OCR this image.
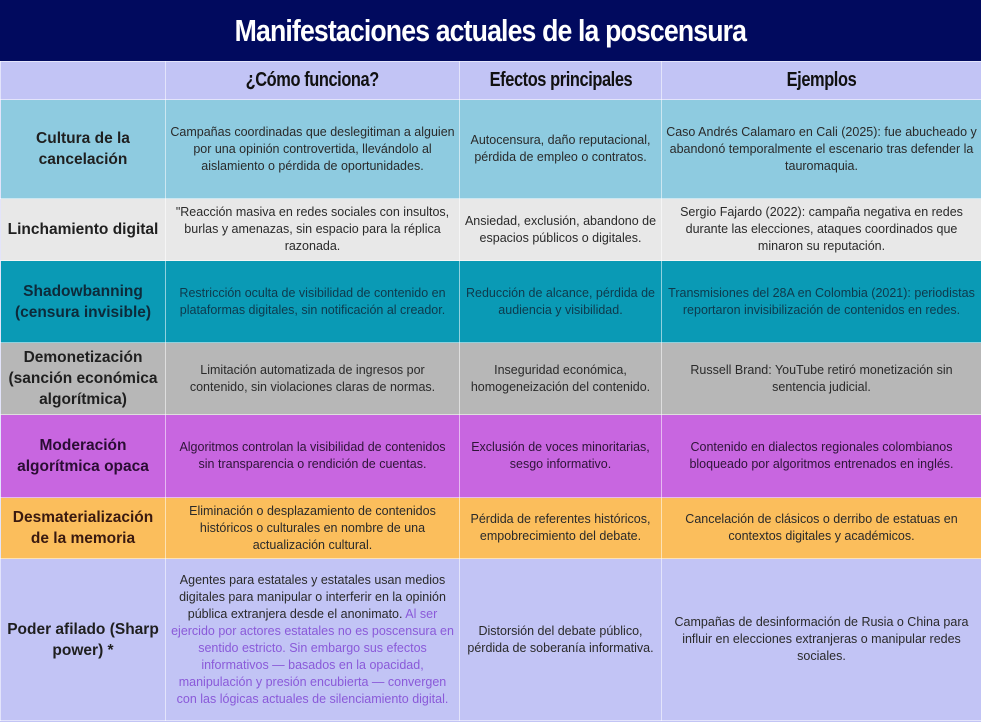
Manifestaciones actuales de la poscensura
	¿Cómo funciona?	Efectos principales	Ejemplos
Cultura de la cancelación	Campañas coordinadas que deslegitiman a alguien por una opinión controvertida, llevándolo al aislamiento o pérdida de oportunidades.	Autocensura, daño reputacional, pérdida de empleo o contratos.	Caso Andrés Calamaro en Cali (2025): fue abucheado y abandonó temporalmente el escenario tras defender la tauromaquia.
Linchamiento digital	"Reacción masiva en redes sociales con insultos, burlas y amenazas, sin espacio para la réplica razonada.	Ansiedad, exclusión, abandono de espacios públicos o digitales.	Sergio Fajardo (2022): campaña negativa en redes durante las elecciones, ataques coordinados que minaron su reputación.
Shadowbanning (censura invisible)	Restricción oculta de visibilidad de contenido en plataformas digitales, sin notificación al creador.	Reducción de alcance, pérdida de audiencia y visibilidad.	Transmisiones del 28A en Colombia (2021): periodistas reportaron invisibilización de contenidos en redes.
Demonetización (sanción económica algorítmica)	Limitación automatizada de ingresos por contenido, sin violaciones claras de normas.	Inseguridad económica, homogeneización del contenido.	Russell Brand: YouTube retiró monetización sin sentencia judicial.
Moderación algorítmica opaca	Algoritmos controlan la visibilidad de contenidos sin transparencia o rendición de cuentas.	Exclusión de voces minoritarias, sesgo informativo.	Contenido en dialectos regionales colombianos bloqueado por algoritmos entrenados en inglés.
Desmaterialización de la memoria	Eliminación o desplazamiento de contenidos históricos o culturales en nombre de una actualización cultural.	Pérdida de referentes históricos, empobrecimiento del debate.	Cancelación de clásicos o derribo de estatuas en contextos digitales y académicos.
Poder afilado (Sharp power) *	Agentes para estatales y estatales usan medios digitales para manipular o interferir en la opinión pública extranjera desde el anonimato. Al ser ejercido por actores estatales no es poscensura en sentido estricto. Sin embargo sus efectos informativos — basados en la opacidad, manipulación y presión encubierta — convergen con las lógicas actuales de silenciamiento digital.	Distorsión del debate público, pérdida de soberanía informativa.	Campañas de desinformación de Rusia o China para influir en elecciones extranjeras o manipular redes sociales.
